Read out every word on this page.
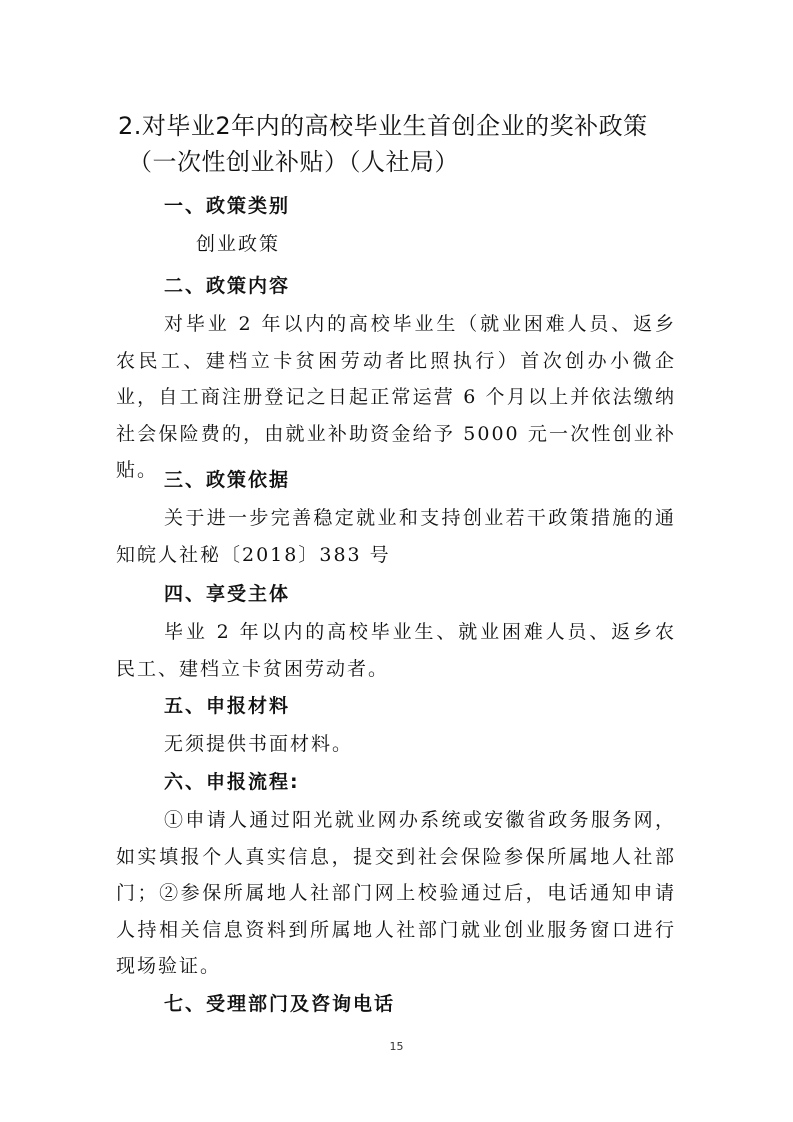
2.对毕业2年内的高校毕业生首创企业的奖补政策
（一次性创业补贴）（人社局）
一、政策类别
创业政策
二、政策内容
对毕业 2 年以内的高校毕业生（就业困难人员、返乡农民工、建档立卡贫困劳动者比照执行）首次创办小微企业，自工商注册登记之日起正常运营 6 个月以上并依法缴纳社会保险费的，由就业补助资金给予 5000 元一次性创业补贴。 三、政策依据
关于进一步完善稳定就业和支持创业若干政策措施的通知皖人社秘〔2018〕383 号
四、享受主体
毕业 2 年以内的高校毕业生、就业困难人员、返乡农民工、建档立卡贫困劳动者。
五、申报材料
无须提供书面材料。
六、申报流程:
①申请人通过阳光就业网办系统或安徽省政务服务网，如实填报个人真实信息，提交到社会保险参保所属地人社部门；②参保所属地人社部门网上校验通过后，电话通知申请人持相关信息资料到所属地人社部门就业创业服务窗口进行现场验证。
七、受理部门及咨询电话
15
